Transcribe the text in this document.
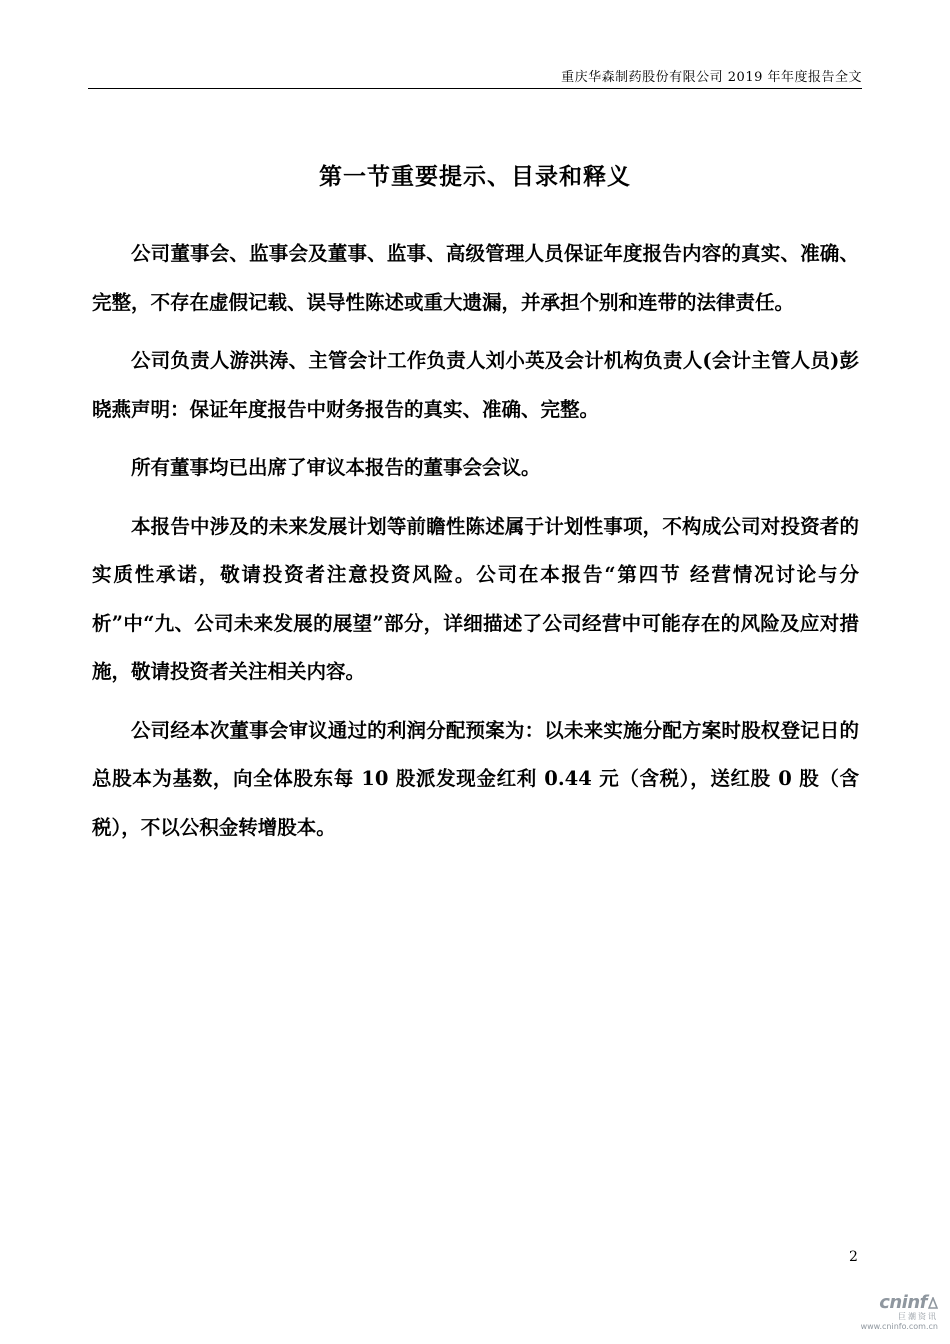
重庆华森制药股份有限公司 2019 年年度报告全文
第一节重要提示、目录和释义

公司董事会、监事会及董事、监事、高级管理人员保证年度报告内容的真实、准确、完整，不存在虚假记载、误导性陈述或重大遗漏，并承担个别和连带的法律责任。

公司负责人游洪涛、主管会计工作负责人刘小英及会计机构负责人(会计主管人员)彭晓燕声明：保证年度报告中财务报告的真实、准确、完整。

所有董事均已出席了审议本报告的董事会会议。

本报告中涉及的未来发展计划等前瞻性陈述属于计划性事项，不构成公司对投资者的实质性承诺，敬请投资者注意投资风险。公司在本报告“第四节 经营情况讨论与分析”中“九、公司未来发展的展望”部分，详细描述了公司经营中可能存在的风险及应对措施，敬请投资者关注相关内容。

公司经本次董事会审议通过的利润分配预案为：以未来实施分配方案时股权登记日的总股本为基数，向全体股东每 10 股派发现金红利 0.44 元（含税），送红股 0 股（含税），不以公积金转增股本。

2
cninf
巨潮资讯
www.cninfo.com.cn
